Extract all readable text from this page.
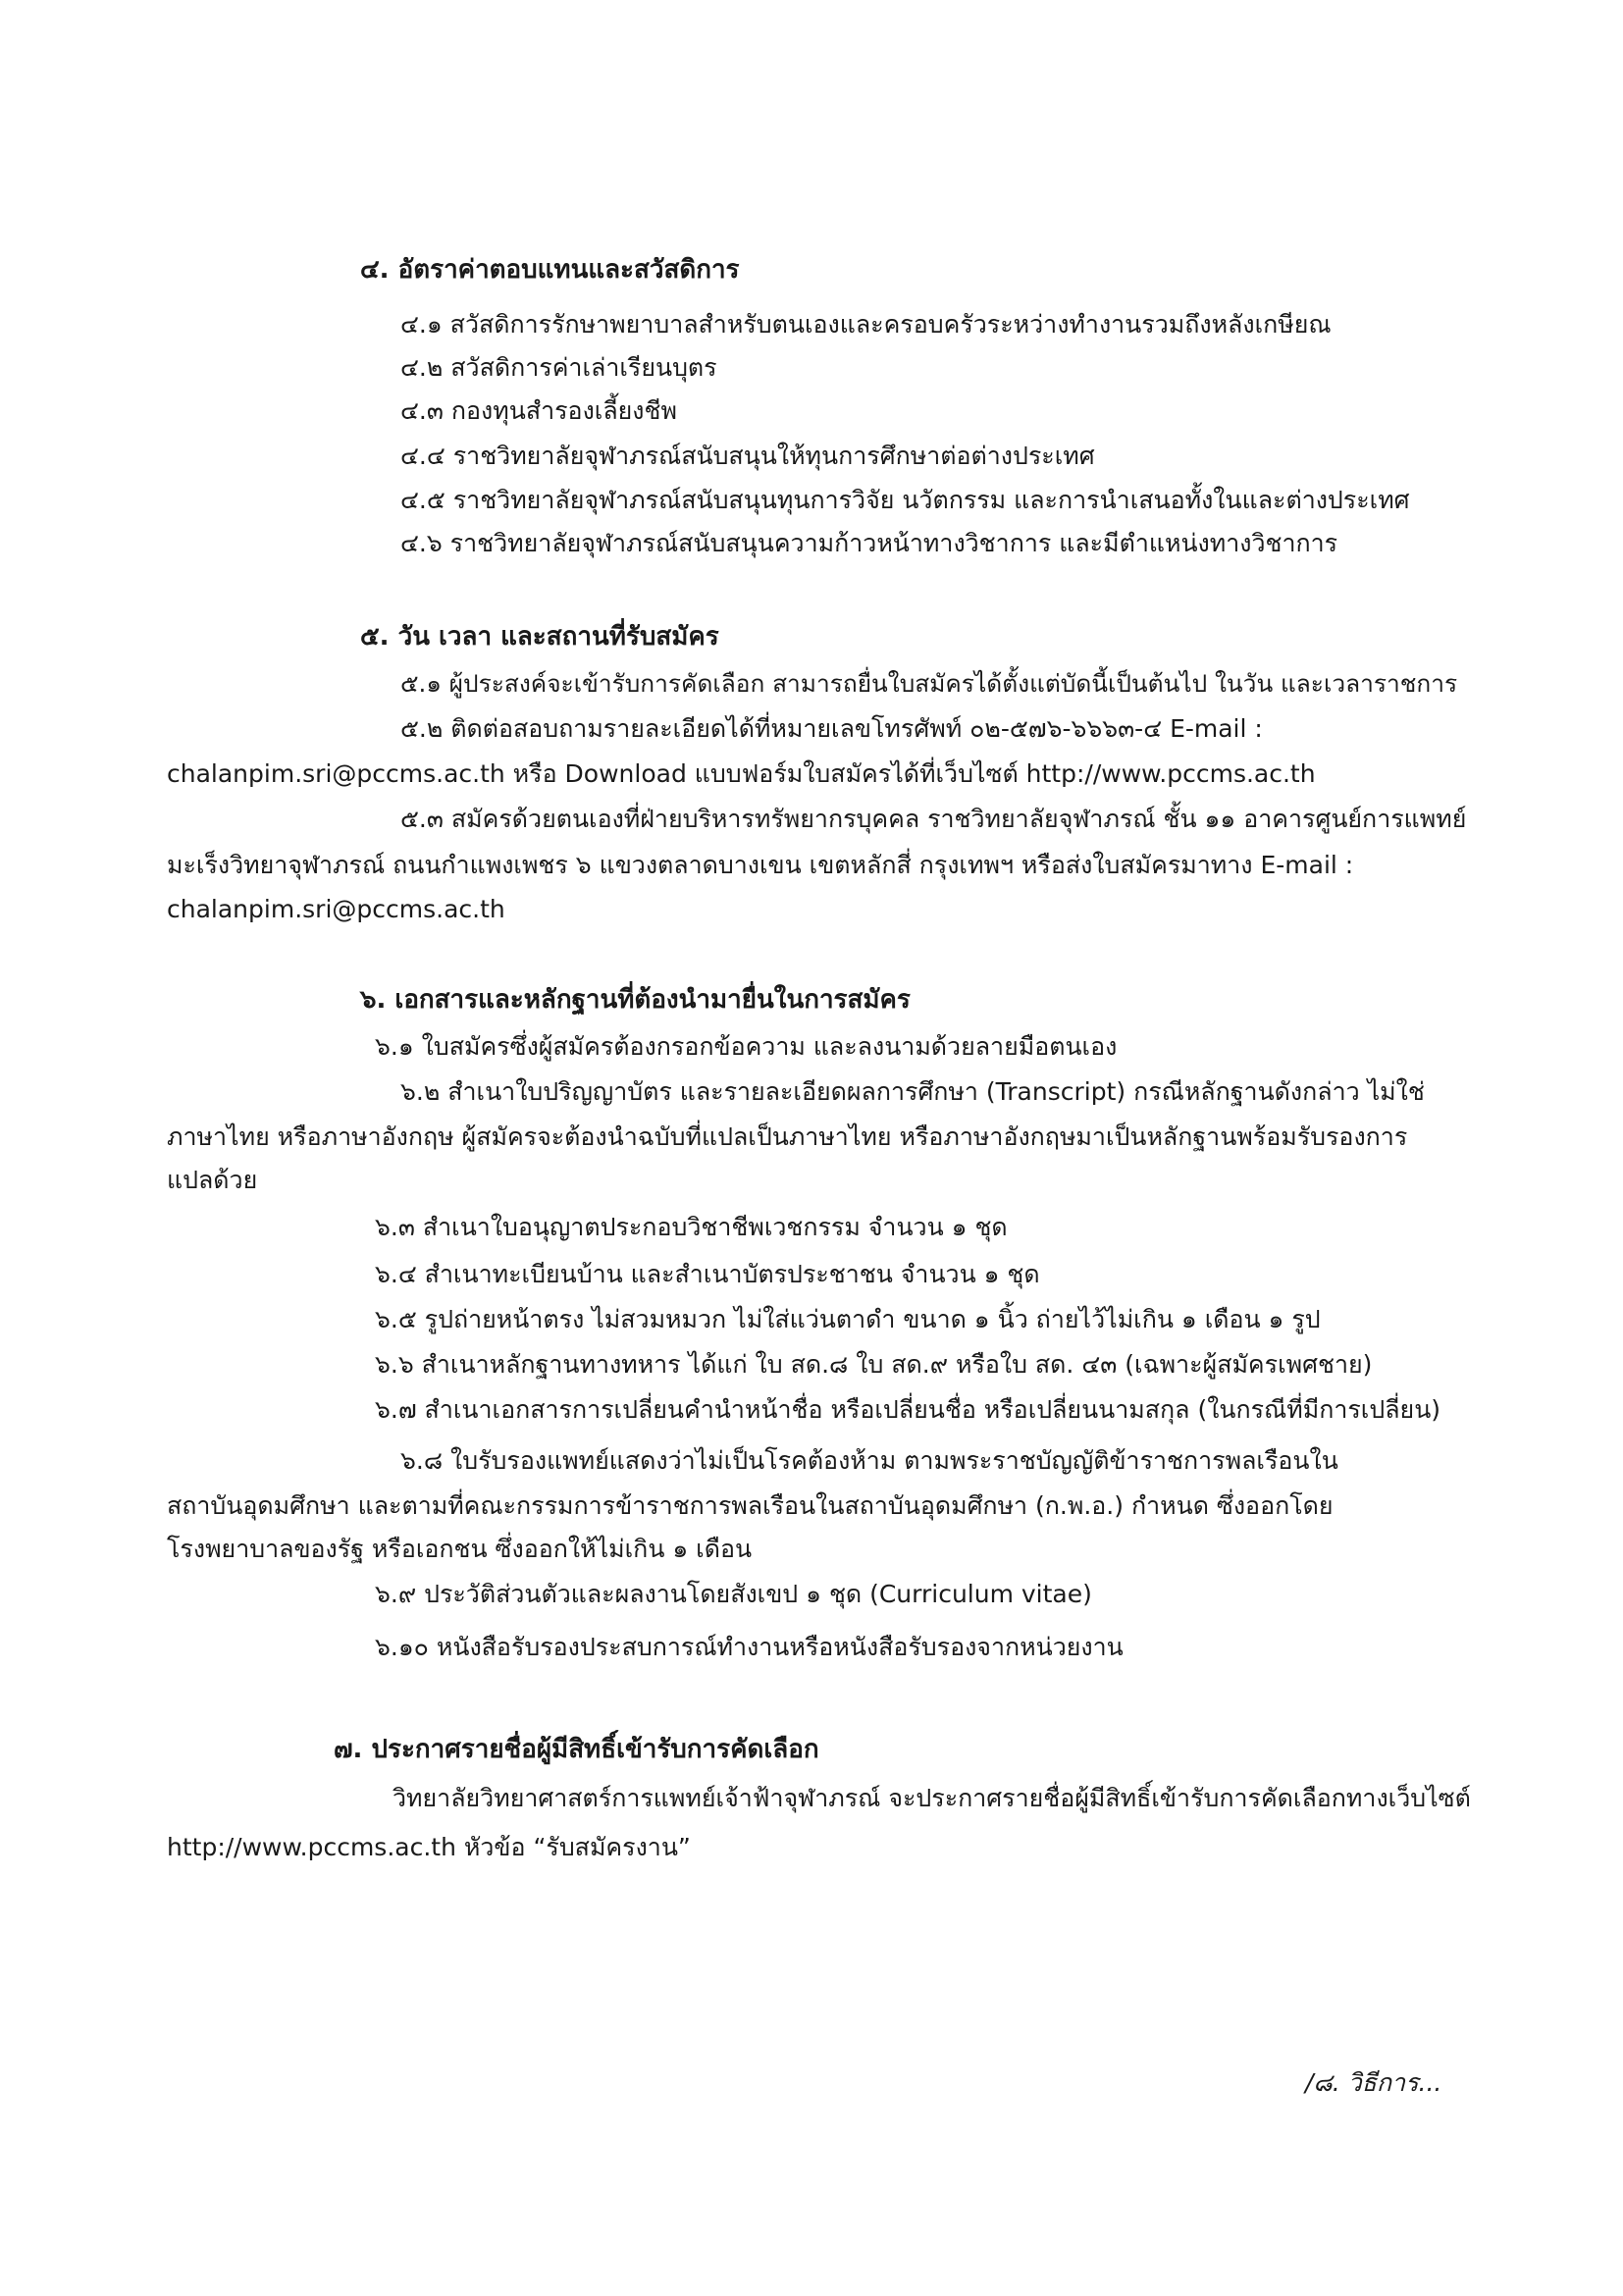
๔. อัตราค่าตอบแทนและสวัสดิการ
๔.๑ สวัสดิการรักษาพยาบาลสำหรับตนเองและครอบครัวระหว่างทำงานรวมถึงหลังเกษียณ
๔.๒ สวัสดิการค่าเล่าเรียนบุตร
๔.๓ กองทุนสำรองเลี้ยงชีพ
๔.๔ ราชวิทยาลัยจุฬาภรณ์สนับสนุนให้ทุนการศึกษาต่อต่างประเทศ
๔.๕ ราชวิทยาลัยจุฬาภรณ์สนับสนุนทุนการวิจัย นวัตกรรม และการนำเสนอทั้งในและต่างประเทศ
๔.๖ ราชวิทยาลัยจุฬาภรณ์สนับสนุนความก้าวหน้าทางวิชาการ และมีตำแหน่งทางวิชาการ
๕. วัน เวลา และสถานที่รับสมัคร
๕.๑ ผู้ประสงค์จะเข้ารับการคัดเลือก สามารถยื่นใบสมัครได้ตั้งแต่บัดนี้เป็นต้นไป ในวัน และเวลาราชการ
๕.๒ ติดต่อสอบถามรายละเอียดได้ที่หมายเลขโทรศัพท์ ๐๒-๕๗๖-๖๖๖๓-๔ E-mail :
chalanpim.sri@pccms.ac.th หรือ Download แบบฟอร์มใบสมัครได้ที่เว็บไซต์ http://www.pccms.ac.th
๕.๓ สมัครด้วยตนเองที่ฝ่ายบริหารทรัพยากรบุคคล ราชวิทยาลัยจุฬาภรณ์ ชั้น ๑๑ อาคารศูนย์การแพทย์
มะเร็งวิทยาจุฬาภรณ์ ถนนกำแพงเพชร ๖ แขวงตลาดบางเขน เขตหลักสี่ กรุงเทพฯ หรือส่งใบสมัครมาทาง E-mail :
chalanpim.sri@pccms.ac.th
๖. เอกสารและหลักฐานที่ต้องนำมายื่นในการสมัคร
๖.๑ ใบสมัครซึ่งผู้สมัครต้องกรอกข้อความ และลงนามด้วยลายมือตนเอง
๖.๒ สำเนาใบปริญญาบัตร และรายละเอียดผลการศึกษา (Transcript) กรณีหลักฐานดังกล่าว ไม่ใช่
ภาษาไทย หรือภาษาอังกฤษ ผู้สมัครจะต้องนำฉบับที่แปลเป็นภาษาไทย หรือภาษาอังกฤษมาเป็นหลักฐานพร้อมรับรองการ
แปลด้วย
๖.๓ สำเนาใบอนุญาตประกอบวิชาชีพเวชกรรม จำนวน ๑ ชุด
๖.๔ สำเนาทะเบียนบ้าน และสำเนาบัตรประชาชน จำนวน ๑ ชุด
๖.๕ รูปถ่ายหน้าตรง ไม่สวมหมวก ไม่ใส่แว่นตาดำ ขนาด ๑ นิ้ว ถ่ายไว้ไม่เกิน ๑ เดือน ๑ รูป
๖.๖ สำเนาหลักฐานทางทหาร ได้แก่ ใบ สด.๘ ใบ สด.๙ หรือใบ สด. ๔๓ (เฉพาะผู้สมัครเพศชาย)
๖.๗ สำเนาเอกสารการเปลี่ยนคำนำหน้าชื่อ หรือเปลี่ยนชื่อ หรือเปลี่ยนนามสกุล (ในกรณีที่มีการเปลี่ยน)
๖.๘ ใบรับรองแพทย์แสดงว่าไม่เป็นโรคต้องห้าม ตามพระราชบัญญัติข้าราชการพลเรือนใน
สถาบันอุดมศึกษา และตามที่คณะกรรมการข้าราชการพลเรือนในสถาบันอุดมศึกษา (ก.พ.อ.) กำหนด ซึ่งออกโดย
โรงพยาบาลของรัฐ หรือเอกชน ซึ่งออกให้ไม่เกิน ๑ เดือน
๖.๙ ประวัติส่วนตัวและผลงานโดยสังเขป ๑ ชุด (Curriculum vitae)
๖.๑๐ หนังสือรับรองประสบการณ์ทำงานหรือหนังสือรับรองจากหน่วยงาน
๗. ประกาศรายชื่อผู้มีสิทธิ์เข้ารับการคัดเลือก
วิทยาลัยวิทยาศาสตร์การแพทย์เจ้าฟ้าจุฬาภรณ์ จะประกาศรายชื่อผู้มีสิทธิ์เข้ารับการคัดเลือกทางเว็บไซต์
http://www.pccms.ac.th หัวข้อ “รับสมัครงาน”
/๘. วิธีการ...
